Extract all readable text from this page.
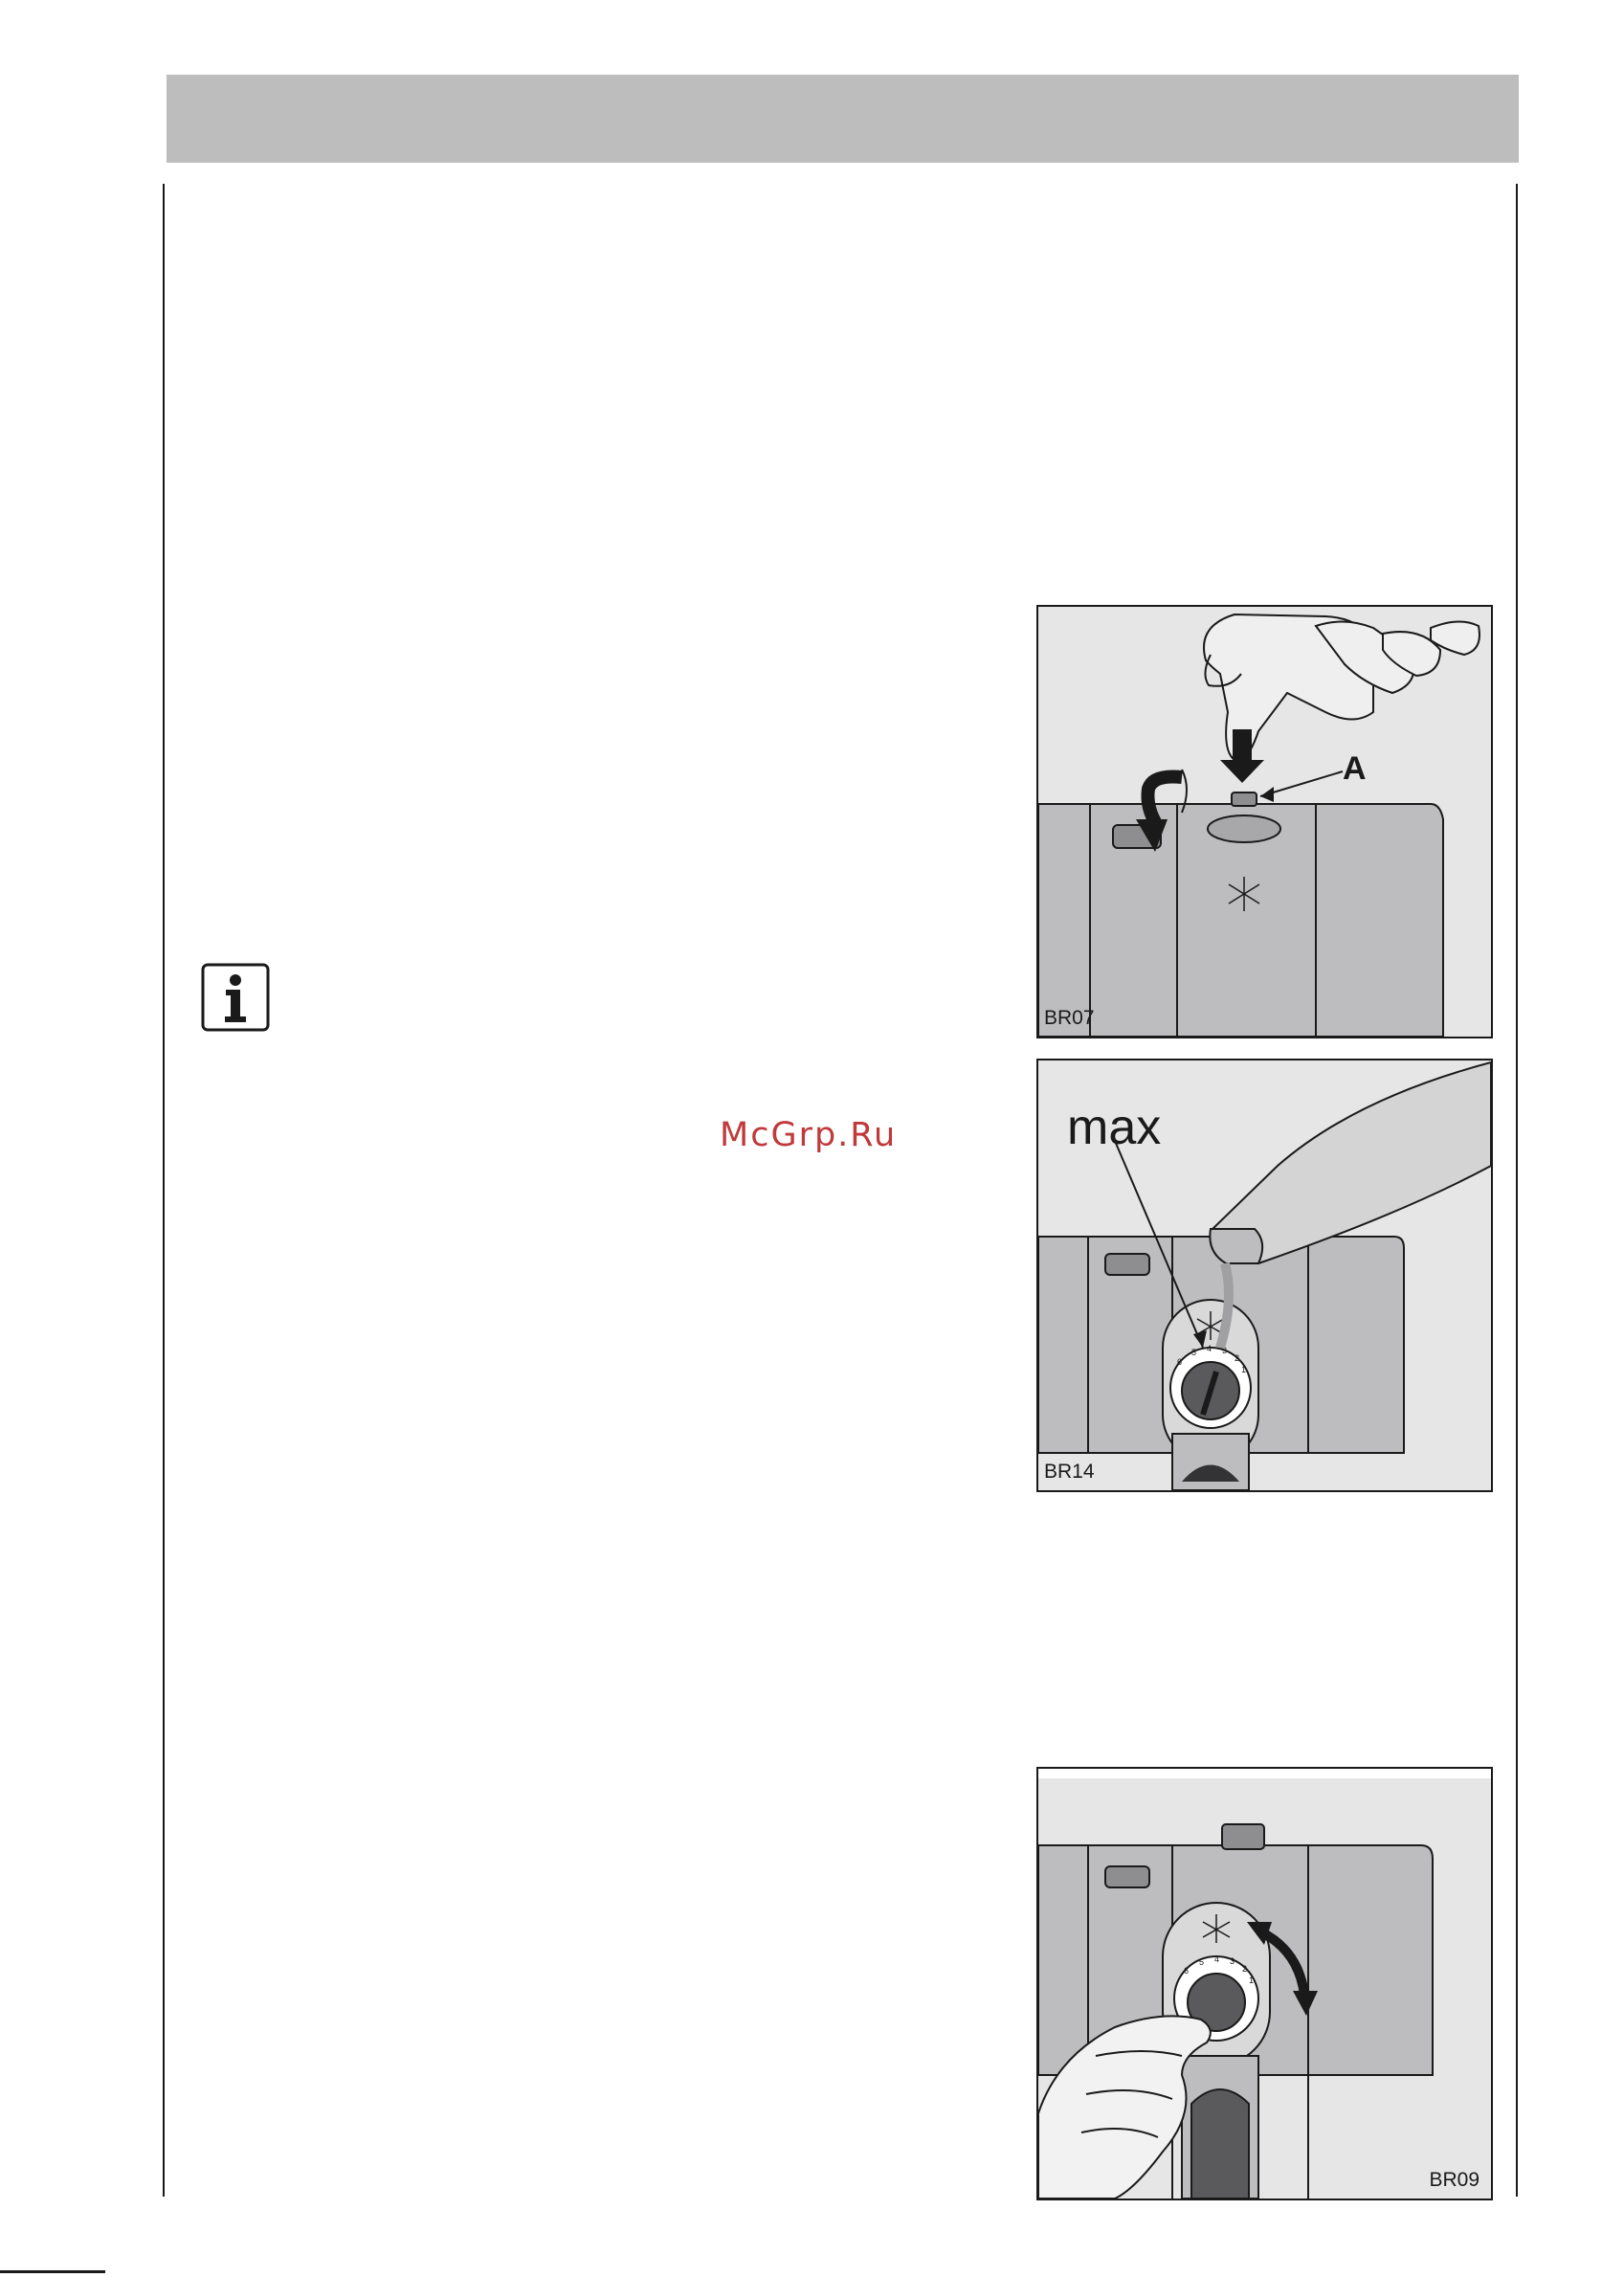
McGrp.Ru
A
BR07
6
5 4 3
2
1
max
BR14
6
5 4 3
2
1
BR09
